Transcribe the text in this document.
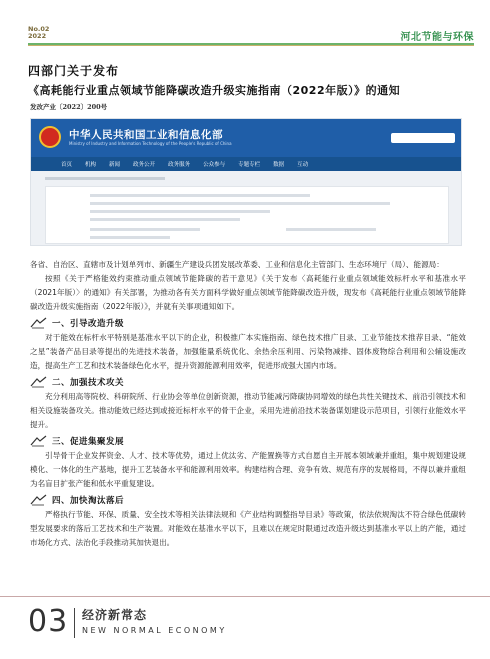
No.02
2022	河北节能与环保
四部门关于发布
《高耗能行业重点领域节能降碳改造升级实施指南（2022年版）》的通知
发改产业〔2022〕200号
中华人民共和国工业和信息化部
Ministry of Industry and Information Technology of the People's Republic of China
首页 机构 新闻 政务公开 政务服务 公众参与 专题专栏 数据 互动

各省、自治区、直辖市及计划单列市、新疆生产建设兵团发展改革委、工业和信息化主管部门、生态环境厅（局）、能源局：

按照《关于严格能效约束推动重点领域节能降碳的若干意见》《关于发布〈高耗能行业重点领域能效标杆水平和基准水平（2021年版）〉的通知》有关部署，为推动各有关方面科学做好重点领域节能降碳改造升级，现发布《高耗能行业重点领域节能降碳改造升级实施指南（2022年版）》，并就有关事项通知如下。

一、引导改造升级

对于能效在标杆水平特别是基准水平以下的企业，积极推广本实施指南、绿色技术推广目录、工业节能技术推荐目录、“能效之星”装备产品目录等提出的先进技术装备，加强能量系统优化、余热余压利用、污染物减排、固体废物综合利用和公辅设施改造，提高生产工艺和技术装备绿色化水平，提升资源能源利用效率，促进形成强大国内市场。

二、加强技术攻关

充分利用高等院校、科研院所、行业协会等单位创新资源，推动节能减污降碳协同增效的绿色共性关键技术、前沿引领技术和相关设施装备攻关。推动能效已经达到或接近标杆水平的骨干企业，采用先进前沿技术装备谋划建设示范项目，引领行业能效水平提升。

三、促进集聚发展

引导骨干企业发挥资金、人才、技术等优势，通过上优汰劣、产能置换等方式自愿自主开展本领域兼并重组，集中规划建设规模化、一体化的生产基地，提升工艺装备水平和能源利用效率。构建结构合理、竞争有效、规范有序的发展格局，不得以兼并重组为名盲目扩张产能和低水平重复建设。

四、加快淘汰落后

严格执行节能、环保、质量、安全技术等相关法律法规和《产业结构调整指导目录》等政策，依法依规淘汰不符合绿色低碳转型发展要求的落后工艺技术和生产装置。对能效在基准水平以下，且难以在规定时限通过改造升级达到基准水平以上的产能，通过市场化方式、法治化手段推动其加快退出。

03 经济新常态
NEW NORMAL ECONOMY
